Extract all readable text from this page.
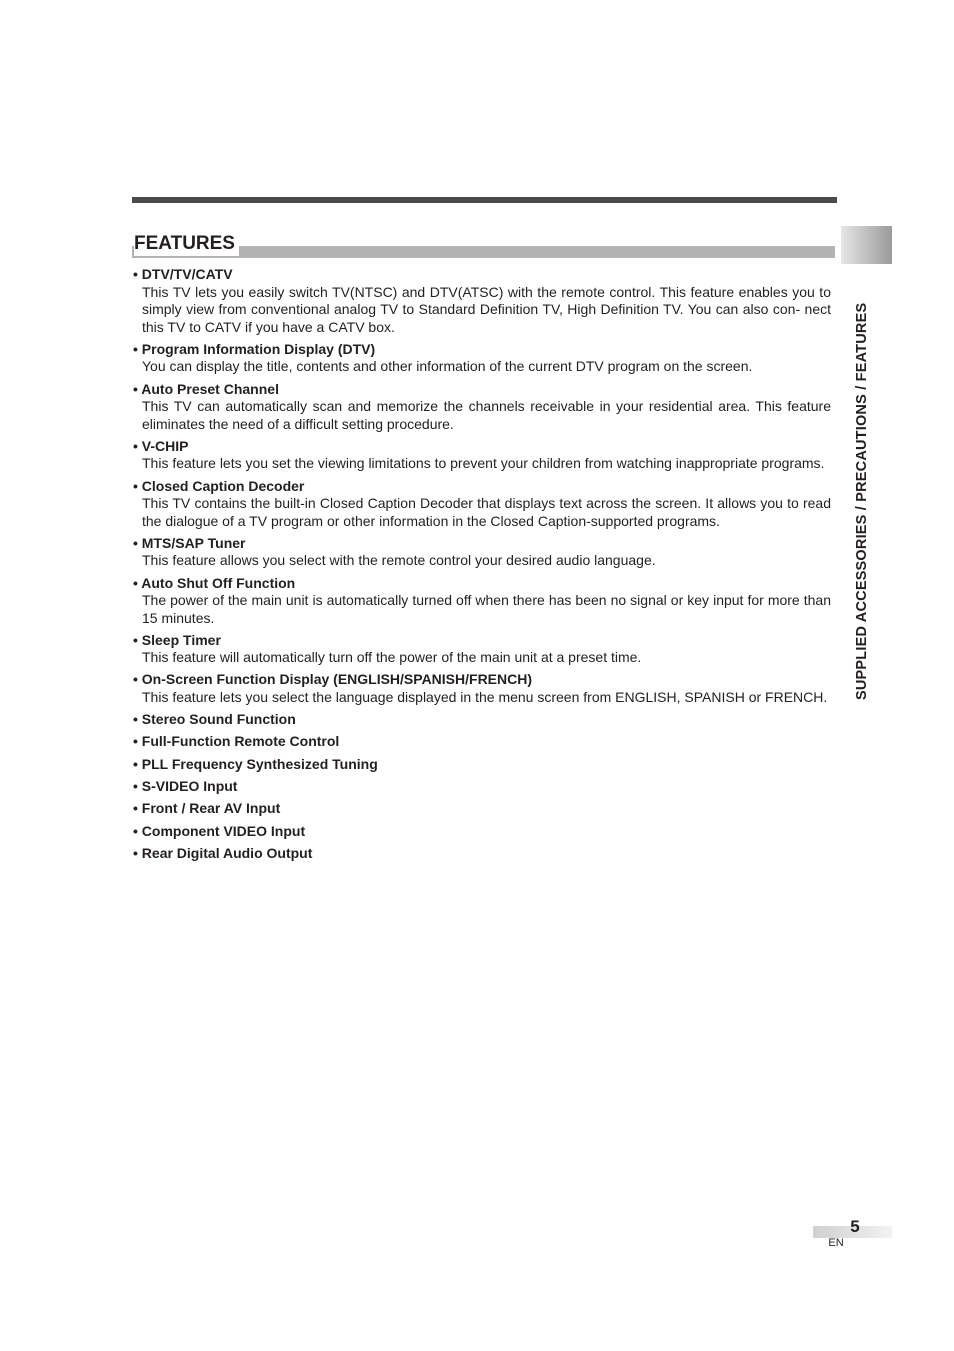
FEATURES
• DTV/TV/CATV
This TV lets you easily switch TV(NTSC) and DTV(ATSC) with the remote control. This feature enables you to simply view from conventional analog TV to Standard Definition TV, High Definition TV. You can also con- nect this TV to CATV if you have a CATV box.
• Program Information Display (DTV)
You can display the title, contents and other information of the current DTV program on the screen.
• Auto Preset Channel
This TV can automatically scan and memorize the channels receivable in your residential area. This feature eliminates the need of a difficult setting procedure.
• V-CHIP
This feature lets you set the viewing limitations to prevent your children from watching inappropriate programs.
• Closed Caption Decoder
This TV contains the built-in Closed Caption Decoder that displays text across the screen. It allows you to read the dialogue of a TV program or other information in the Closed Caption-supported programs.
• MTS/SAP Tuner
This feature allows you select with the remote control your desired audio language.
• Auto Shut Off Function
The power of the main unit is automatically turned off when there has been no signal or key input for more than 15 minutes.
• Sleep Timer
This feature will automatically turn off the power of the main unit at a preset time.
• On-Screen Function Display (ENGLISH/SPANISH/FRENCH)
This feature lets you select the language displayed in the menu screen from ENGLISH, SPANISH or FRENCH.
• Stereo Sound Function
• Full-Function Remote Control
• PLL Frequency Synthesized Tuning
• S-VIDEO Input
• Front / Rear AV Input
• Component VIDEO Input
• Rear Digital Audio Output
SUPPLIED ACCESSORIES / PRECAUTIONS / FEATURES
5
EN
